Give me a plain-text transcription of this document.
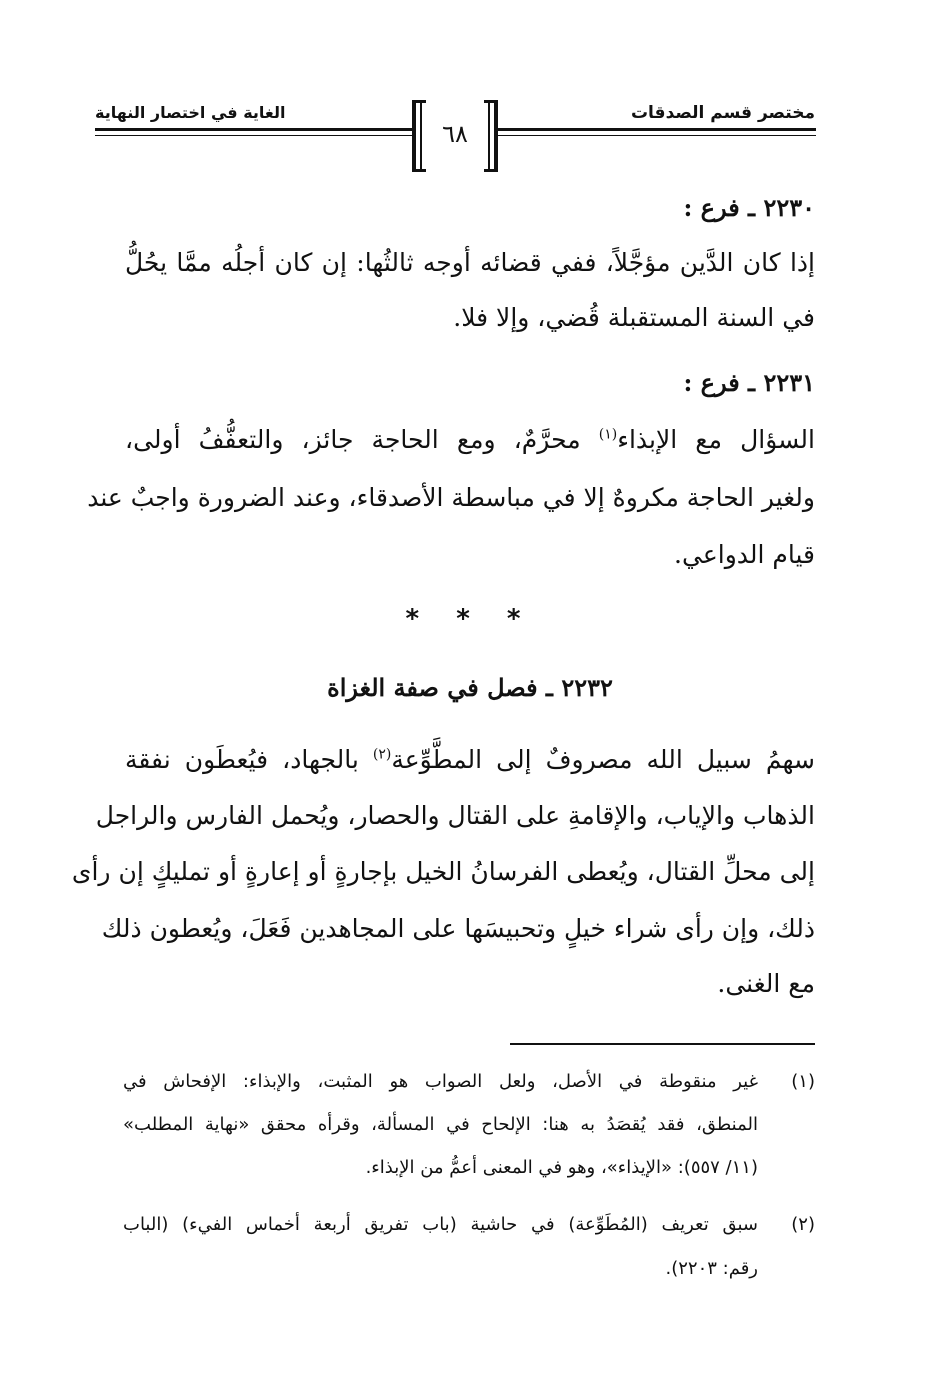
مختصر قسم الصدقات
الغاية في اختصار النهاية
٦٨
٢٢٣٠ ـ فرع :
إذا كان الدَّين مؤجَّلاً، ففي قضائه أوجه ثالثُها: إن كان أجلُه ممَّا يحُلُّ
في السنة المستقبلة قُضي، وإلا فلا.
٢٢٣١ ـ فرع :
السؤال مع الإبذاء$^{(١)}$ محرَّمٌ، ومع الحاجة جائز، والتعفُّفُ أولى،
ولغير الحاجة مكروهٌ إلا في مباسطة الأصدقاء، وعند الضرورة واجبٌ عند
قيام الدواعي.
* * *
٢٢٣٢ ـ فصل في صفة الغزاة
سهمُ سبيل الله مصروفٌ إلى المطَّوِّعة$^{(٢)}$ بالجهاد، فيُعطَون نفقة
الذهاب والإياب، والإقامةِ على القتال والحصار، ويُحمل الفارس والراجل
إلى محلِّ القتال، ويُعطى الفرسانُ الخيل بإجارةٍ أو إعارةٍ أو تمليكٍ إن رأى
ذلك، وإن رأى شراء خيلٍ وتحبيسَها على المجاهدين فَعَلَ، ويُعطون ذلك
مع الغنى.
(١)
غير منقوطة في الأصل، ولعل الصواب هو المثبت، والإبذاء: الإفحاش في
المنطق، فقد يُقصَدُ به هنا: الإلحاح في المسألة، وقرأه محقق «نهاية المطلب»
(١١/ ٥٥٧): «الإيذاء»، وهو في المعنى أعمُّ من الإبذاء.
(٢)
سبق تعريف (المُطَوِّعة) في حاشية (باب تفريق أربعة أخماس الفيء) (الباب
رقم: ٢٢٠٣).
